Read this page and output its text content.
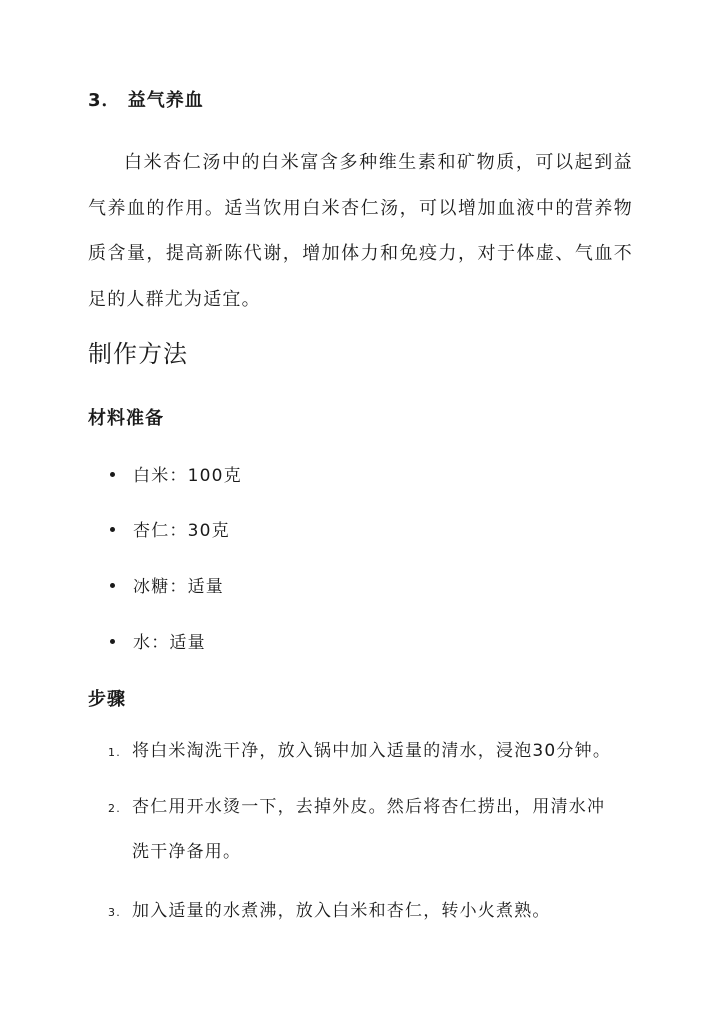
3． 益气养血

白米杏仁汤中的白米富含多种维生素和矿物质，可以起到益气养血的作用。适当饮用白米杏仁汤，可以增加血液中的营养物质含量，提高新陈代谢，增加体力和免疫力，对于体虚、气血不足的人群尤为适宜。

制作方法
材料准备
白米：100克
杏仁：30克
冰糖：适量
水：适量
步骤
1. 将白米淘洗干净，放入锅中加入适量的清水，浸泡30分钟。
2. 杏仁用开水烫一下，去掉外皮。然后将杏仁捞出，用清水冲洗干净备用。
3. 加入适量的水煮沸，放入白米和杏仁，转小火煮熟。
